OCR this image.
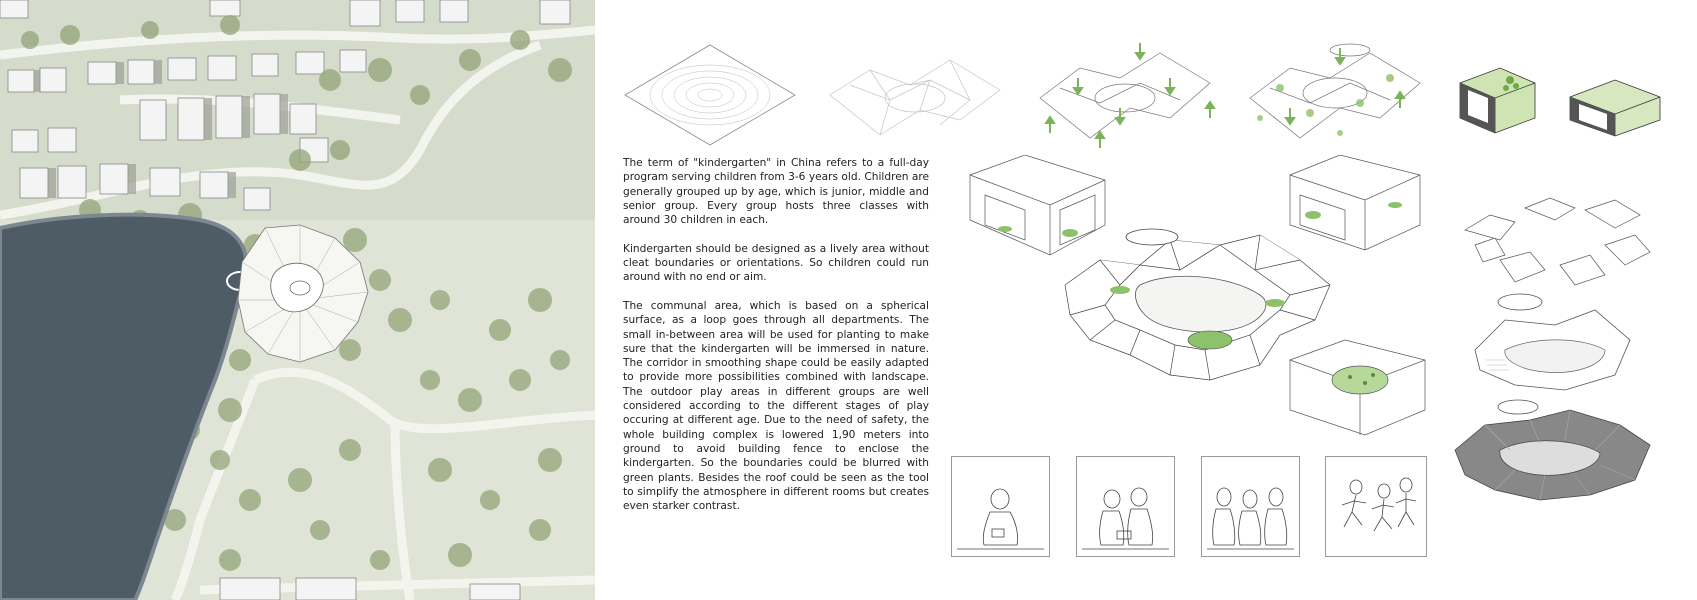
The term of "kindergarten" in China refers to a full-day program serving children from 3-6 years old. Children are generally grouped up by age, which is junior, middle and senior group. Every group hosts three classes with around 30 children in each.

Kindergarten should be designed as a lively area without cleat boundaries or orientations. So children could run around with no end or aim.

The communal area, which is based on a spherical surface, as a loop goes through all departments. The small in-between area will be used for planting to make sure that the kindergarten will be immersed in nature. The corridor in smoothing shape could be easily adapted to provide more possibilities combined with landscape. The outdoor play areas in different groups are well considered according to the different stages of play occuring at different age. Due to the need of safety, the whole building complex is lowered 1,90 meters into ground to avoid building fence to enclose the kindergarten. So the boundaries could be blurred with green plants. Besides the roof could be seen as the tool to simplify the atmosphere in different rooms but creates even starker contrast.
